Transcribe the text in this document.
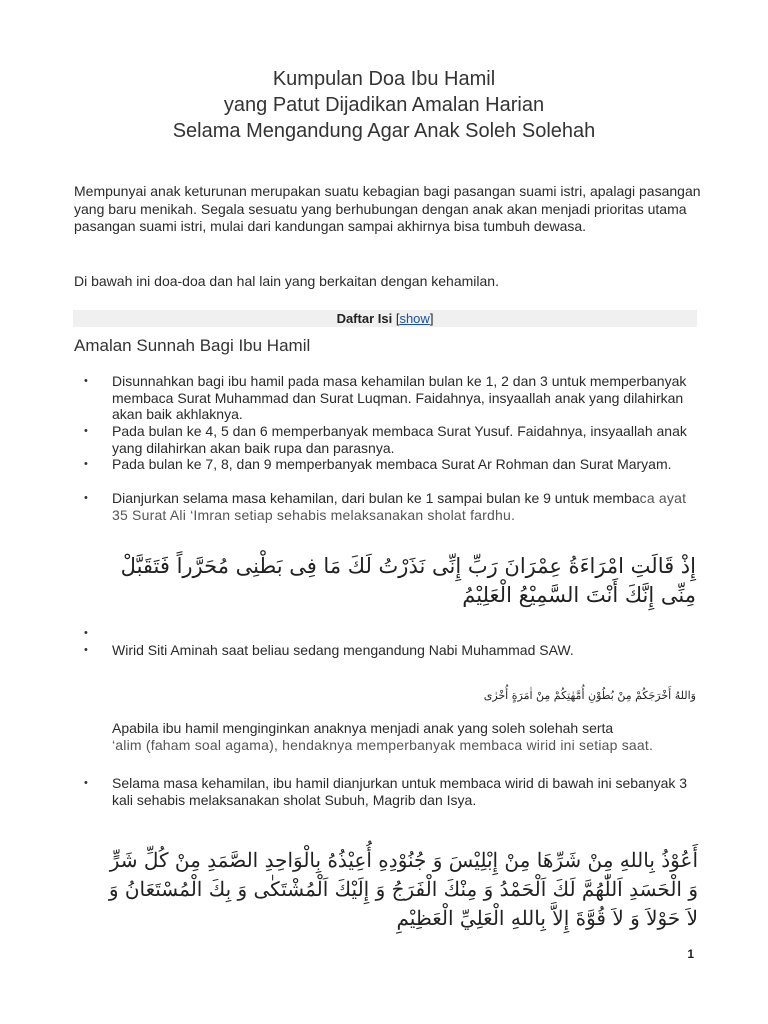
Kumpulan Doa Ibu Hamil
yang Patut Dijadikan Amalan Harian
Selama Mengandung Agar Anak Soleh Solehah
Mempunyai anak keturunan merupakan suatu kebagian bagi pasangan suami istri, apalagi pasangan yang baru menikah. Segala sesuatu yang berhubungan dengan anak akan menjadi prioritas utama pasangan suami istri, mulai dari kandungan sampai akhirnya bisa tumbuh dewasa.
Di bawah ini doa-doa dan hal lain yang berkaitan dengan kehamilan.
Daftar Isi [show]
Amalan Sunnah Bagi Ibu Hamil
•	Disunnahkan bagi ibu hamil pada masa kehamilan bulan ke 1, 2 dan 3 untuk memperbanyak membaca Surat Muhammad dan Surat Luqman. Faidahnya, insyaallah anak yang dilahirkan akan baik akhlaknya.
•	Pada bulan ke 4, 5 dan 6 memperbanyak membaca Surat Yusuf. Faidahnya, insyaallah anak yang dilahirkan akan baik rupa dan parasnya.
•	Pada bulan ke 7, 8, dan 9 memperbanyak membaca Surat Ar Rohman dan Surat Maryam.
•	Dianjurkan selama masa kehamilan, dari bulan ke 1 sampai bulan ke 9 untuk membaca ayat 35 Surat Ali ‘Imran setiap sehabis melaksanakan sholat fardhu.
إِذْ قَالَتِ امْرَاءَةُ عِمْرَانَ رَبِّ إِنِّى نَذَرْتُ لَكَ مَا فِى بَطْنِى مُحَرَّراً فَتَقَبَّلْ مِنِّى إِنَّكَ أَنْتَ السَّمِيْعُ الْعَلِيْمُ
•
•	Wirid Siti Aminah saat beliau sedang mengandung Nabi Muhammad SAW.
وَاللهُ أَخْرَجَكُمْ مِنْ بُطُوْنِ أُمَّهٰتِكُمْ مِنْ اٰمَرَةٍ أُخْرٰى
Apabila ibu hamil menginginkan anaknya menjadi anak yang soleh solehah serta
‘alim (faham soal agama), hendaknya memperbanyak membaca wirid ini setiap saat.
•	Selama masa kehamilan, ibu hamil dianjurkan untuk membaca wirid di bawah ini sebanyak 3 kali sehabis melaksanakan sholat Subuh, Magrib dan Isya.
أَعُوْذُ بِاللهِ مِنْ شَرِّهَا مِنْ إِبْلِيْسَ وَ جُنُوْدِهِ أُعِيْذُهُ بِالْوَاحِدِ الصَّمَدِ مِنْ كُلِّ شَرٍّ وَ الْحَسَدِ اَللّٰهُمَّ لَكَ اَلْحَمْدُ وَ مِنْكَ الْفَرَجُ وَ إِلَيْكَ اَلْمُشْتَكٰى وَ بِكَ الْمُسْتَعَانُ وَ لاَ حَوْلاَ وَ لاَ قُوَّةَ إِلاَّ بِاللهِ الْعَلِيِّ الْعَظِيْمِ
1
